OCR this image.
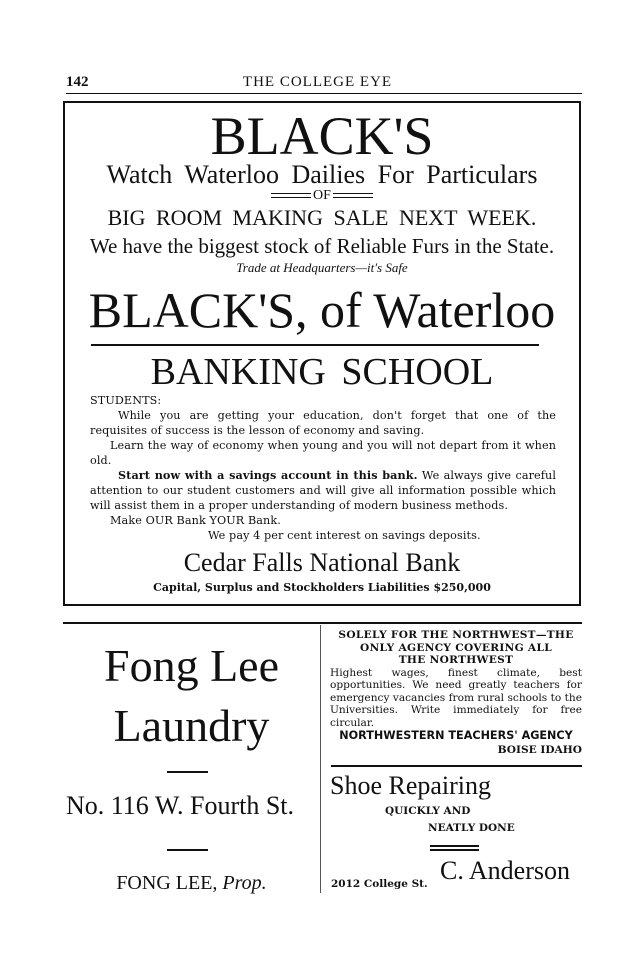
142	THE COLLEGE EYE
BLACK'S
Watch Waterloo Dailies For Particulars
OF
BIG ROOM MAKING SALE NEXT WEEK.
We have the biggest stock of Reliable Furs in the State.
Trade at Headquarters—it's Safe
BLACK'S, of Waterloo
BANKING SCHOOL

STUDENTS:

While you are getting your education, don't forget that one of the requisites of success is the lesson of economy and saving.

Learn the way of economy when young and you will not depart from it when old.

Start now with a savings account in this bank. We always give careful attention to our student customers and will give all information possible which will assist them in a proper understanding of modern business methods.

Make OUR Bank YOUR Bank.

We pay 4 per cent interest on savings deposits.

Cedar Falls National Bank
Capital, Surplus and Stockholders Liabilities $250,000
Fong Lee
Laundry
No. 116 W. Fourth St.
FONG LEE, Prop.
SOLELY FOR THE NORTHWEST—THE
ONLY AGENCY COVERING ALL
THE NORTHWEST
Highest wages, finest climate, best opportunities. We need greatly teachers for emergency vacancies from rural schools to the Universities. Write immediately for free circular.
NORTHWESTERN TEACHERS' AGENCY
BOISE IDAHO
Shoe Repairing
QUICKLY AND
NEATLY DONE
C. Anderson
2012 College St.
